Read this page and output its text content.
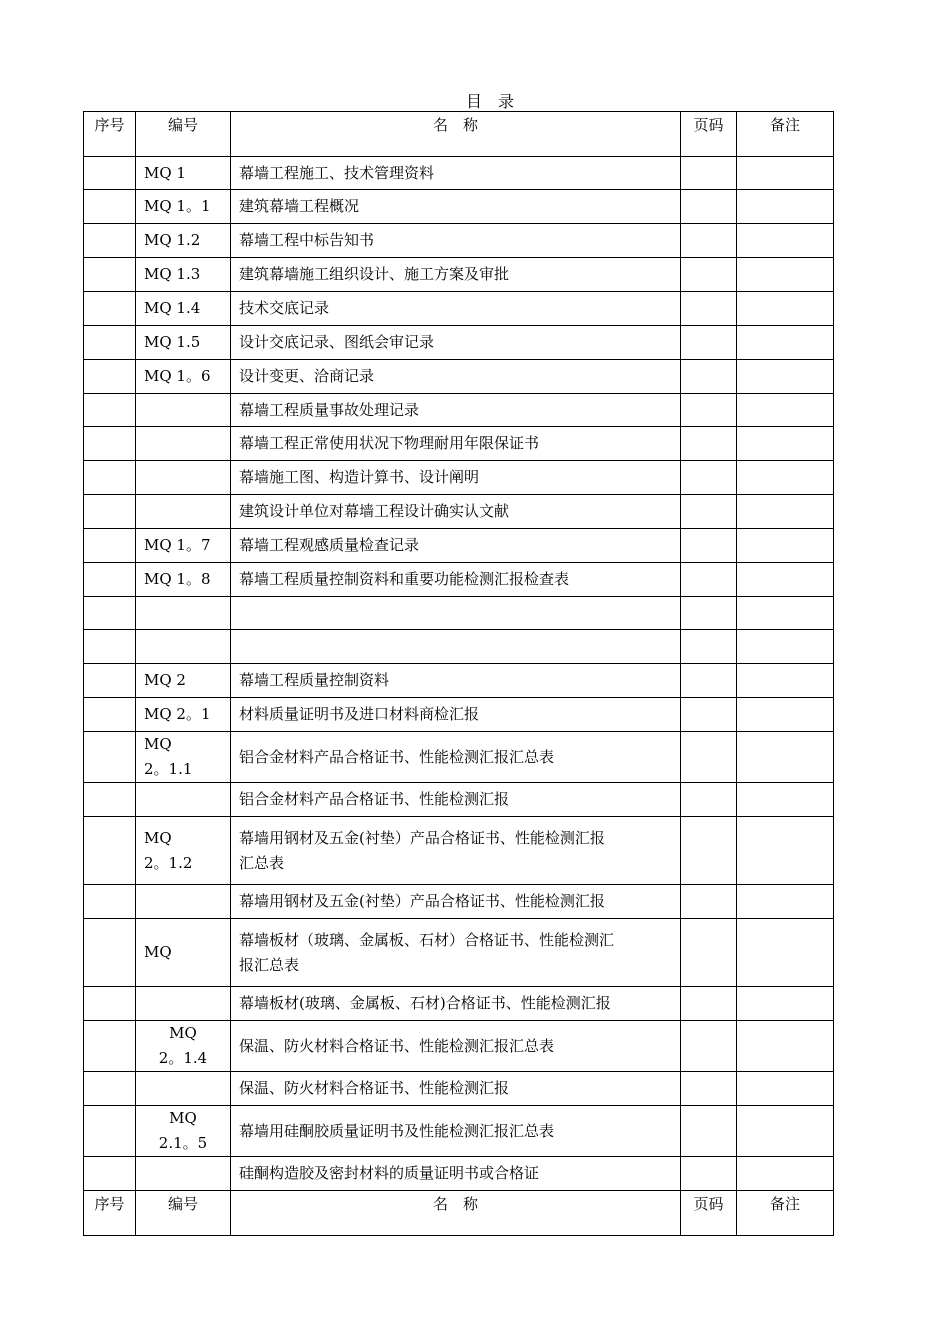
目　录
序号	编号	名　称	页码	备注
	MQ 1	幕墙工程施工、技术管理资料		
	MQ 1。1	建筑幕墙工程概况		
	MQ 1.2	幕墙工程中标告知书		
	MQ 1.3	建筑幕墙施工组织设计、施工方案及审批		
	MQ 1.4	技术交底记录		
	MQ 1.5	设计交底记录、图纸会审记录		
	MQ 1。6	设计变更、洽商记录		
		幕墙工程质量事故处理记录		
		幕墙工程正常使用状况下物理耐用年限保证书		
		幕墙施工图、构造计算书、设计阐明		
		建筑设计单位对幕墙工程设计确实认文献		
	MQ 1。7	幕墙工程观感质量检查记录		
	MQ 1。8	幕墙工程质量控制资料和重要功能检测汇报检查表		

	MQ 2	幕墙工程质量控制资料		
	MQ 2。1	材料质量证明书及进口材料商检汇报		
	MQ
2。1.1	铝合金材料产品合格证书、性能检测汇报汇总表		
		铝合金材料产品合格证书、性能检测汇报		
	MQ
2。1.2	幕墙用钢材及五金(衬垫）产品合格证书、性能检测汇报
汇总表		
		幕墙用钢材及五金(衬垫）产品合格证书、性能检测汇报		
	MQ	幕墙板材（玻璃、金属板、石材）合格证书、性能检测汇
报汇总表		
		幕墙板材(玻璃、金属板、石材)合格证书、性能检测汇报		
	MQ
2。1.4	保温、防火材料合格证书、性能检测汇报汇总表		
		保温、防火材料合格证书、性能检测汇报		
	MQ
2.1。5	幕墙用硅酮胶质量证明书及性能检测汇报汇总表		
		硅酮构造胶及密封材料的质量证明书或合格证		
序号	编号	名　称	页码	备注
